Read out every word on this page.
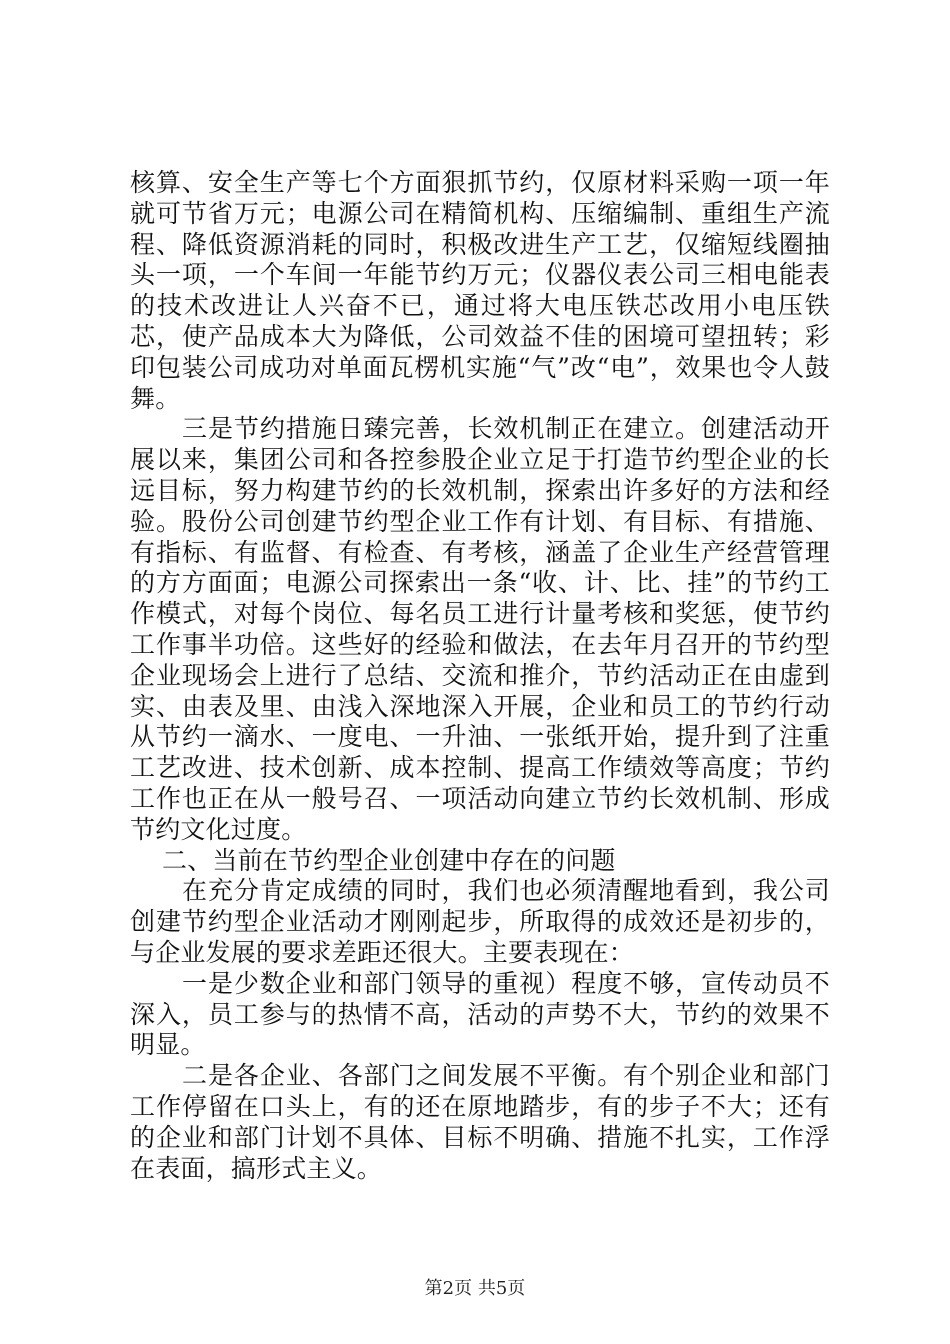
核算、安全生产等七个方面狠抓节约，仅原材料采购一项一年就可节省万元；电源公司在精简机构、压缩编制、重组生产流程、降低资源消耗的同时，积极改进生产工艺，仅缩短线圈抽头一项，一个车间一年能节约万元；仪器仪表公司三相电能表的技术改进让人兴奋不已，通过将大电压铁芯改用小电压铁芯，使产品成本大为降低，公司效益不佳的困境可望扭转；彩印包装公司成功对单面瓦楞机实施“气”改“电”，效果也令人鼓舞。

三是节约措施日臻完善，长效机制正在建立。创建活动开展以来，集团公司和各控参股企业立足于打造节约型企业的长远目标，努力构建节约的长效机制，探索出许多好的方法和经验。股份公司创建节约型企业工作有计划、有目标、有措施、有指标、有监督、有检查、有考核，涵盖了企业生产经营管理的方方面面；电源公司探索出一条“收、计、比、挂”的节约工作模式，对每个岗位、每名员工进行计量考核和奖惩，使节约工作事半功倍。这些好的经验和做法，在去年月召开的节约型企业现场会上进行了总结、交流和推介，节约活动正在由虚到实、由表及里、由浅入深地深入开展，企业和员工的节约行动从节约一滴水、一度电、一升油、一张纸开始，提升到了注重工艺改进、技术创新、成本控制、提高工作绩效等高度；节约工作也正在从一般号召、一项活动向建立节约长效机制、形成节约文化过度。

二、当前在节约型企业创建中存在的问题

在充分肯定成绩的同时，我们也必须清醒地看到，我公司创建节约型企业活动才刚刚起步，所取得的成效还是初步的，与企业发展的要求差距还很大。主要表现在：

一是少数企业和部门领导的重视）程度不够，宣传动员不深入，员工参与的热情不高，活动的声势不大，节约的效果不明显。

二是各企业、各部门之间发展不平衡。有个别企业和部门工作停留在口头上，有的还在原地踏步，有的步子不大；还有的企业和部门计划不具体、目标不明确、措施不扎实，工作浮在表面，搞形式主义。

第2页 共5页
